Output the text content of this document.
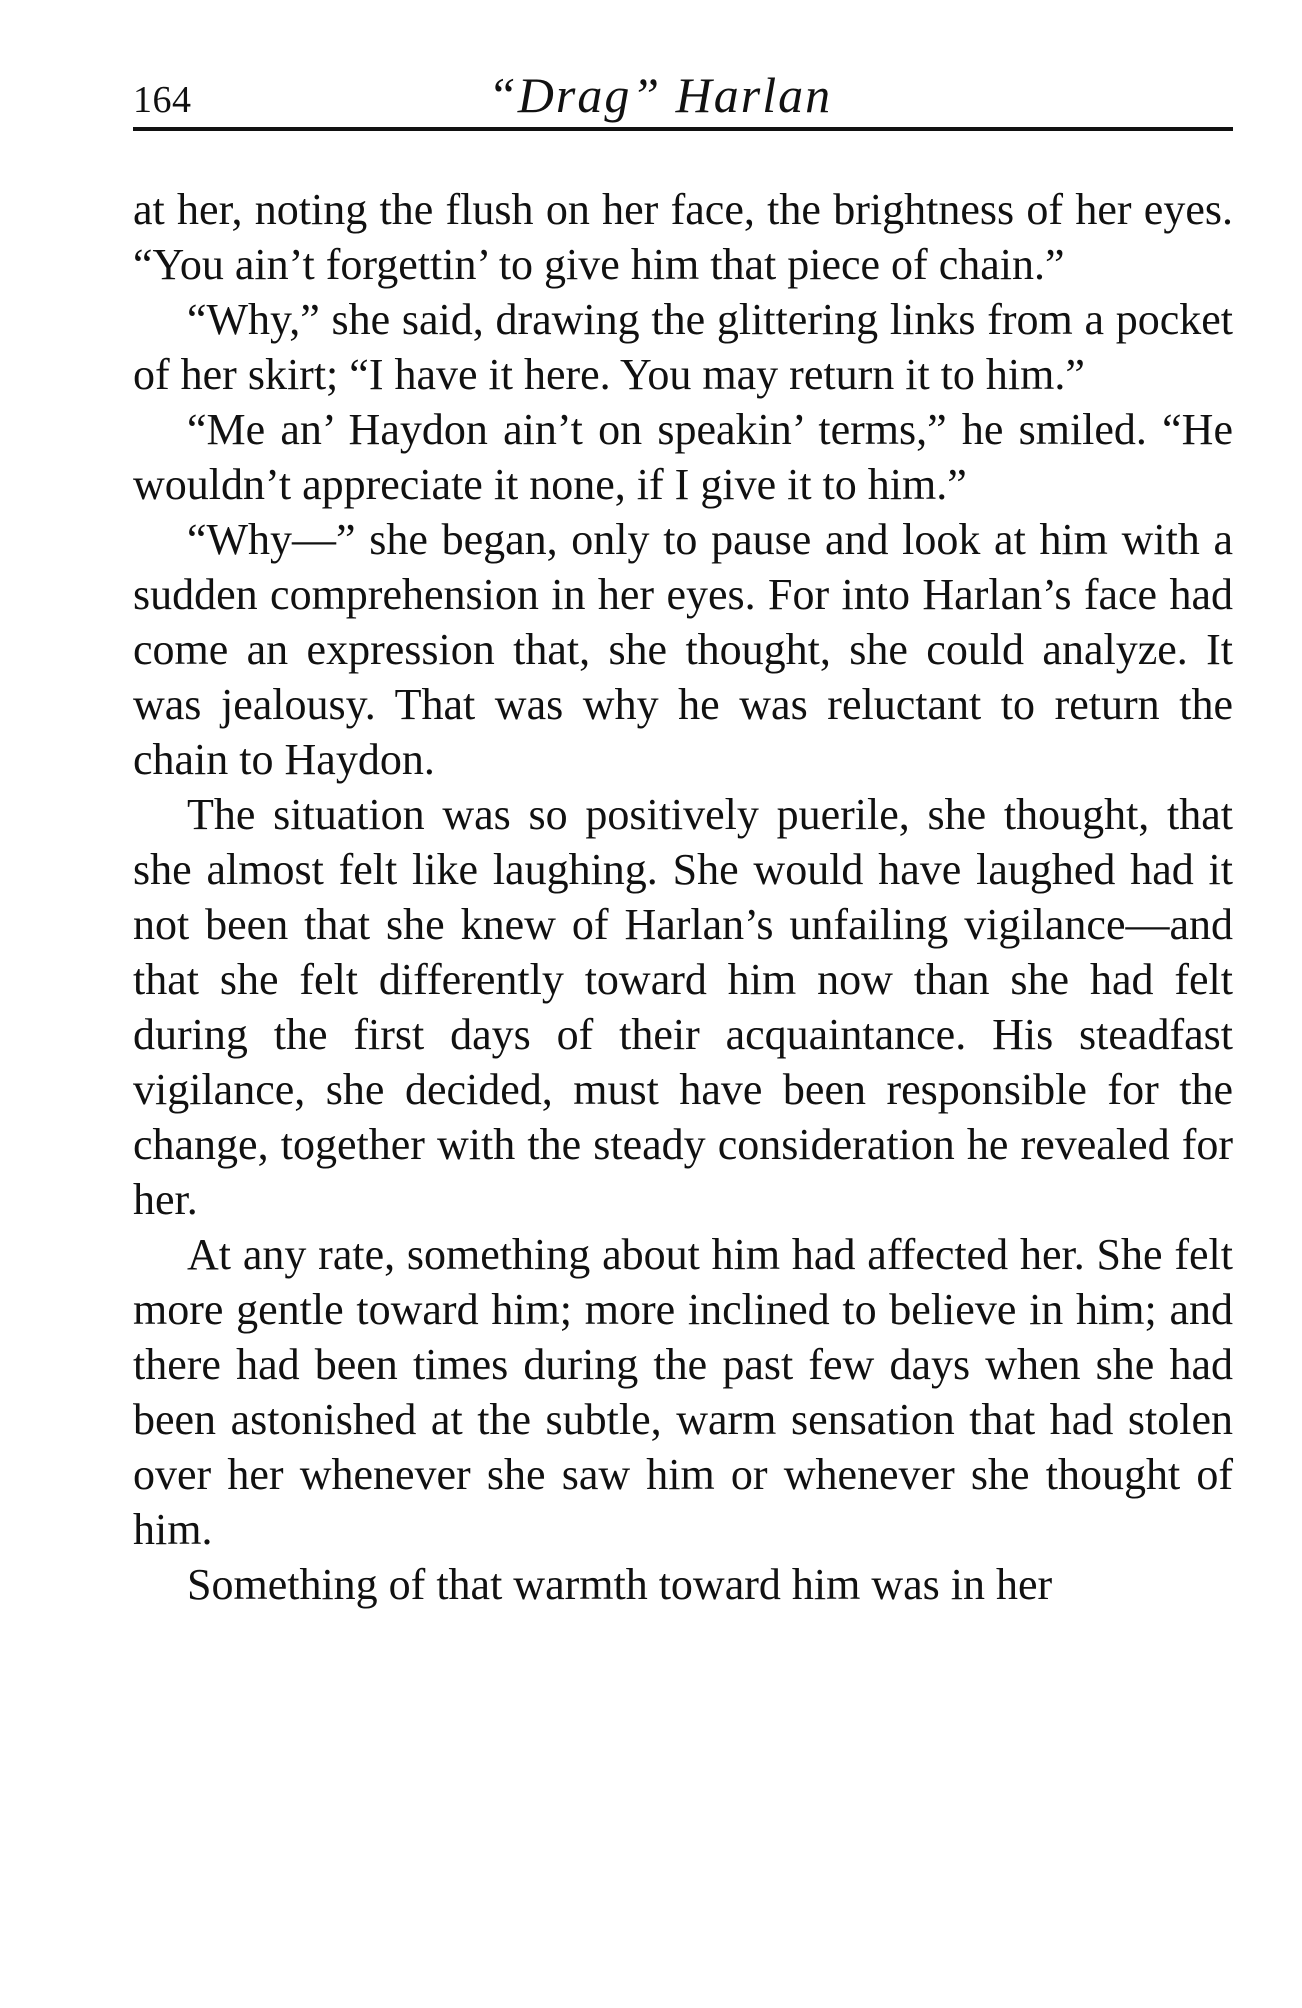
164	“Drag” Harlan

at her, noting the flush on her face, the brightness of her eyes. “You ain’t forgettin’ to give him that piece of chain.”

“Why,” she said, drawing the glittering links from a pocket of her skirt; “I have it here. You may return it to him.”

“Me an’ Haydon ain’t on speakin’ terms,” he smiled. “He wouldn’t appreciate it none, if I give it to him.”

“Why—” she began, only to pause and look at him with a sudden comprehension in her eyes. For into Harlan’s face had come an expression that, she thought, she could analyze. It was jealousy. That was why he was reluctant to return the chain to Haydon.

The situation was so positively puerile, she thought, that she almost felt like laughing. She would have laughed had it not been that she knew of Harlan’s unfailing vigilance—and that she felt differently toward him now than she had felt during the first days of their acquaintance. His steadfast vigilance, she decided, must have been responsible for the change, together with the steady consideration he revealed for her.

At any rate, something about him had affected her. She felt more gentle toward him; more inclined to believe in him; and there had been times during the past few days when she had been astonished at the subtle, warm sensation that had stolen over her whenever she saw him or whenever she thought of him.

Something of that warmth toward him was in her
